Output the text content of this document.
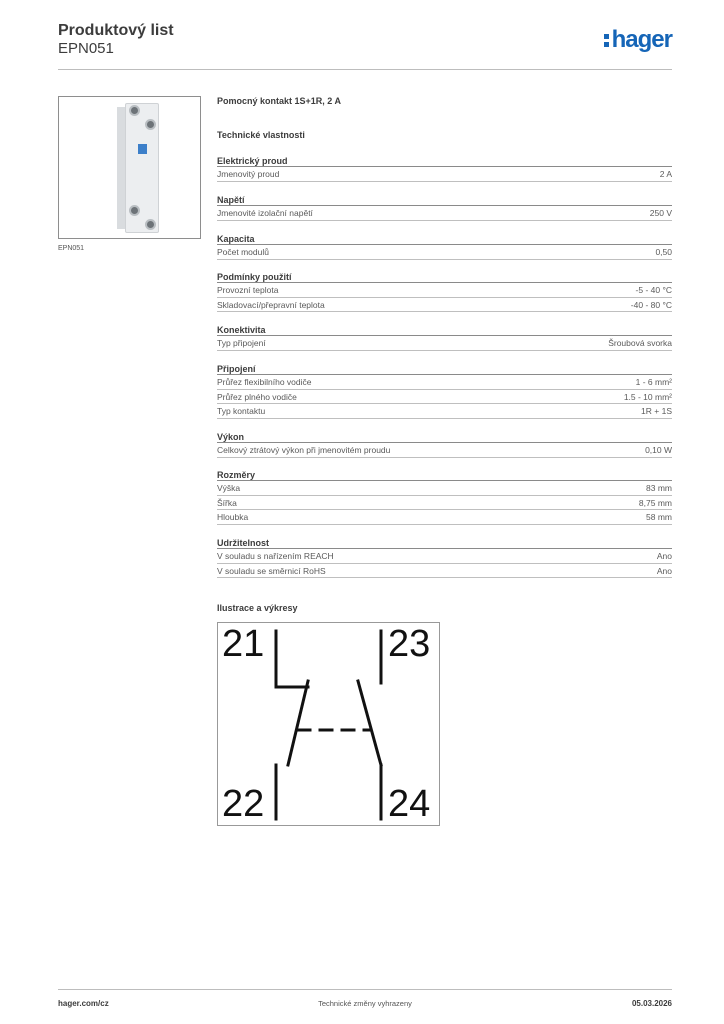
Produktový list
EPN051	hager
EPN051
Pomocný kontakt 1S+1R, 2 A
Technické vlastnosti
Elektrický proud
Jmenovitý proud	2 A
Napětí
Jmenovité izolační napětí	250 V
Kapacita
Počet modulů	0,50
Podmínky použití
Provozní teplota	-5 - 40 °C
Skladovací/přepravní teplota	-40 - 80 °C
Konektivita
Typ připojení	Šroubová svorka
Připojení
Průřez flexibilního vodiče	1 - 6 mm²
Průřez plného vodiče	1.5 - 10 mm²
Typ kontaktu	1R + 1S
Výkon
Celkový ztrátový výkon při jmenovitém proudu	0,10 W
Rozměry
Výška	83 mm
Šířka	8,75 mm
Hloubka	58 mm
Udržitelnost
V souladu s nařízením REACH	Ano
V souladu se směrnicí RoHS	Ano
Ilustrace a výkresy
21	23
22	24
hager.com/cz	Technické změny vyhrazeny	05.03.2026
